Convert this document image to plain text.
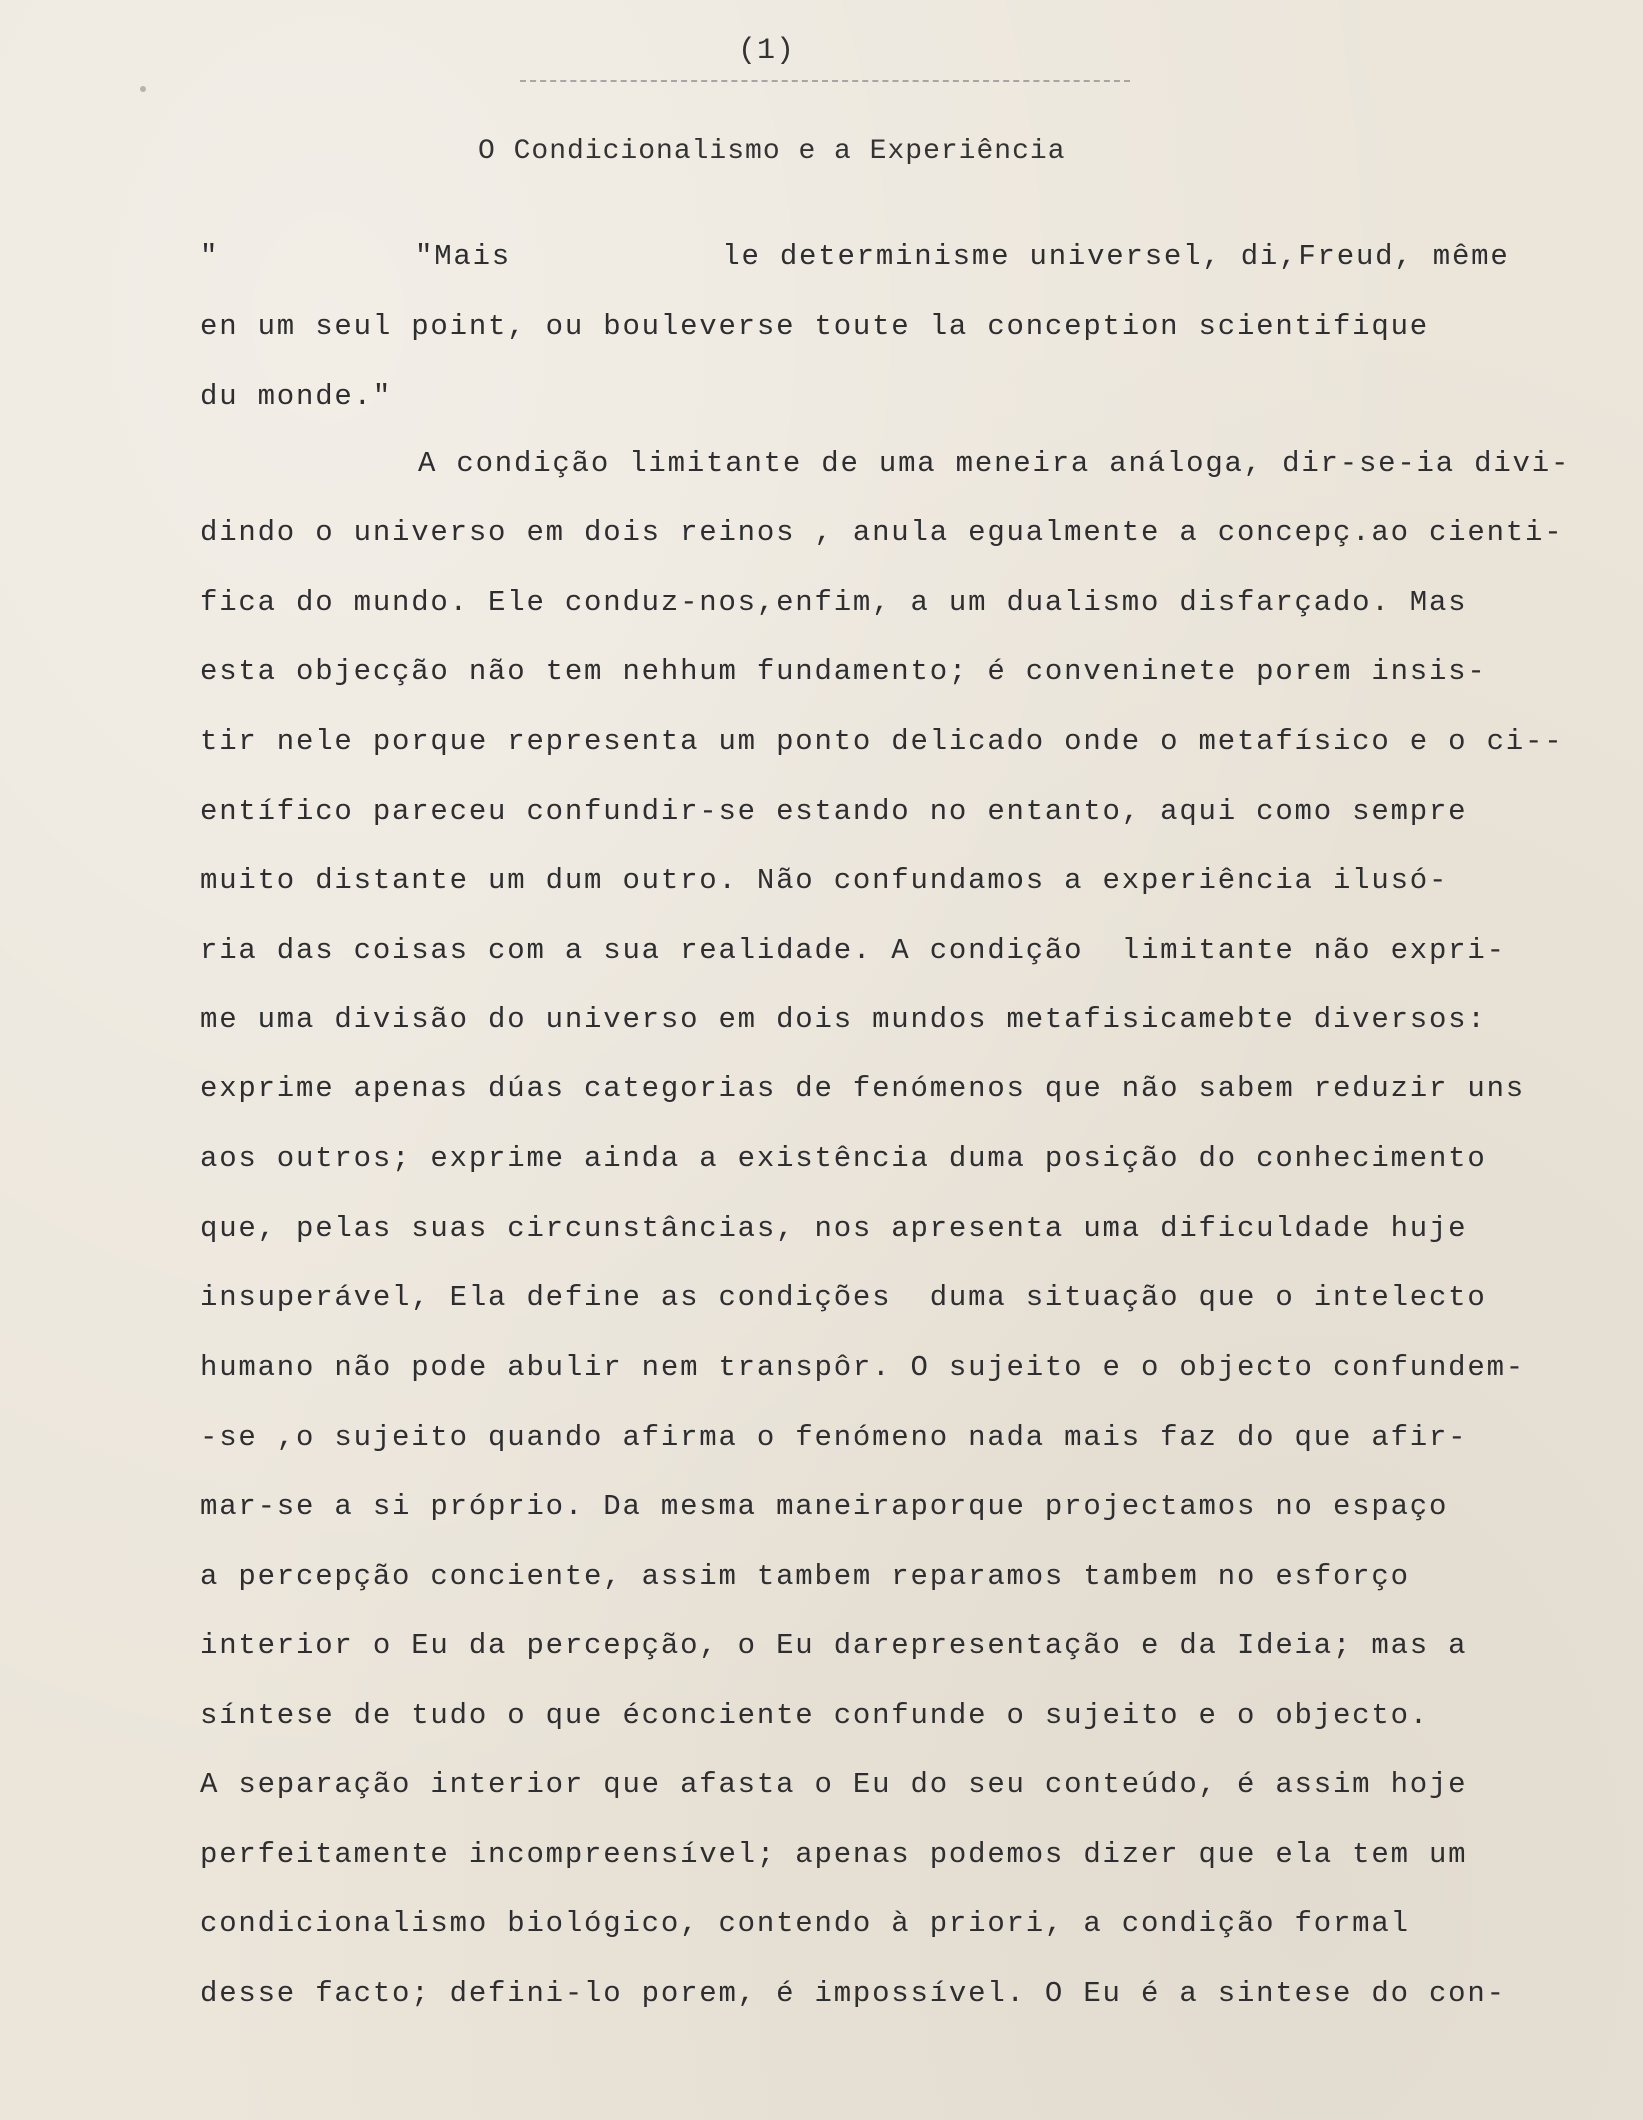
(1)
O Condicionalismo e a Experiência
"	"Mais           le determinisme universel, di,Freud, même
en um seul point, ou bouleverse toute la conception scientifique
du monde."
A condição limitante de uma meneira análoga, dir-se-ia divi-
dindo o universo em dois reinos , anula egualmente a concepç.ao cienti-
fica do mundo. Ele conduz-nos,enfim, a um dualismo disfarçado. Mas
esta objecção não tem nehhum fundamento; é conveninete porem insis-
tir nele porque representa um ponto delicado onde o metafísico e o ci--
entífico pareceu confundir-se estando no entanto, aqui como sempre
muito distante um dum outro. Não confundamos a experiência ilusó-
ria das coisas com a sua realidade. A condição  limitante não expri-
me uma divisão do universo em dois mundos metafisicamebte diversos:
exprime apenas dúas categorias de fenómenos que não sabem reduzir uns
aos outros; exprime ainda a existência duma posição do conhecimento
que, pelas suas circunstâncias, nos apresenta uma dificuldade huje
insuperável, Ela define as condições  duma situação que o intelecto
humano não pode abulir nem transpôr. O sujeito e o objecto confundem-
-se ,o sujeito quando afirma o fenómeno nada mais faz do que afir-
mar-se a si próprio. Da mesma maneiraporque projectamos no espaço
a percepção conciente, assim tambem reparamos tambem no esforço
interior o Eu da percepção, o Eu darepresentação e da Ideia; mas a
síntese de tudo o que éconciente confunde o sujeito e o objecto.
A separação interior que afasta o Eu do seu conteúdo, é assim hoje
perfeitamente incompreensível; apenas podemos dizer que ela tem um
condicionalismo biológico, contendo à priori, a condição formal
desse facto; defini-lo porem, é impossível. O Eu é a sintese do con-
